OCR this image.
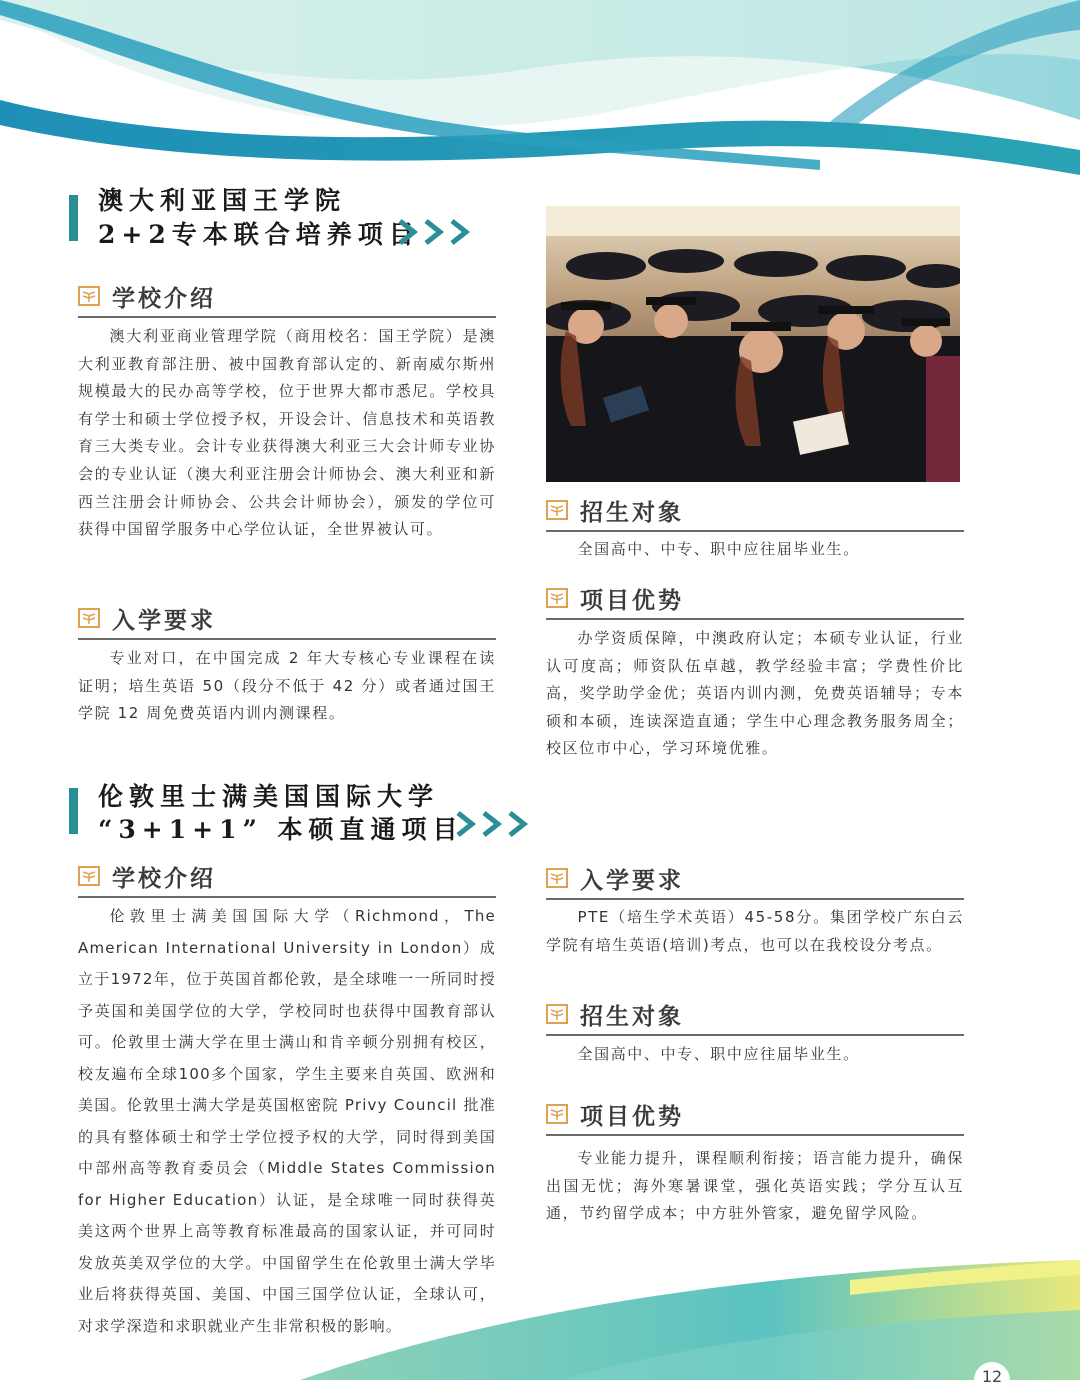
澳大利亚国王学院
2+2专本联合培养项目
学校介绍
澳大利亚商业管理学院（商用校名：国王学院）是澳大利亚教育部注册、被中国教育部认定的、新南威尔斯州规模最大的民办高等学校，位于世界大都市悉尼。学校具有学士和硕士学位授予权，开设会计、信息技术和英语教育三大类专业。会计专业获得澳大利亚三大会计师专业协会的专业认证（澳大利亚注册会计师协会、澳大利亚和新西兰注册会计师协会、公共会计师协会），颁发的学位可获得中国留学服务中心学位认证，全世界被认可。
入学要求
专业对口，在中国完成 2 年大专核心专业课程在读证明；培生英语 50（段分不低于 42 分）或者通过国王学院 12 周免费英语内训内测课程。
招生对象
全国高中、中专、职中应往届毕业生。
项目优势
办学资质保障，中澳政府认定；本硕专业认证，行业认可度高；师资队伍卓越，教学经验丰富；学费性价比高，奖学助学金优；英语内训内测，免费英语辅导；专本硕和本硕，连读深造直通；学生中心理念教务服务周全；校区位市中心，学习环境优雅。
伦敦里士满美国国际大学
“3+1+1” 本硕直通项目
学校介绍
伦敦里士满美国国际大学（Richmond，The American International University in London）成立于1972年，位于英国首都伦敦，是全球唯一一所同时授予英国和美国学位的大学，学校同时也获得中国教育部认可。伦敦里士满大学在里士满山和肯辛顿分别拥有校区，校友遍布全球100多个国家，学生主要来自英国、欧洲和美国。伦敦里士满大学是英国枢密院 Privy Council 批准的具有整体硕士和学士学位授予权的大学，同时得到美国中部州高等教育委员会（Middle States Commission for Higher Education）认证，是全球唯一同时获得英美这两个世界上高等教育标准最高的国家认证，并可同时发放英美双学位的大学。中国留学生在伦敦里士满大学毕业后将获得英国、美国、中国三国学位认证，全球认可，对求学深造和求职就业产生非常积极的影响。
入学要求
PTE（培生学术英语）45-58分。集团学校广东白云学院有培生英语(培训)考点，也可以在我校设分考点。
招生对象
全国高中、中专、职中应往届毕业生。
项目优势
专业能力提升，课程顺利衔接；语言能力提升，确保出国无忧；海外寒暑课堂，强化英语实践；学分互认互通，节约留学成本；中方驻外管家，避免留学风险。
12
